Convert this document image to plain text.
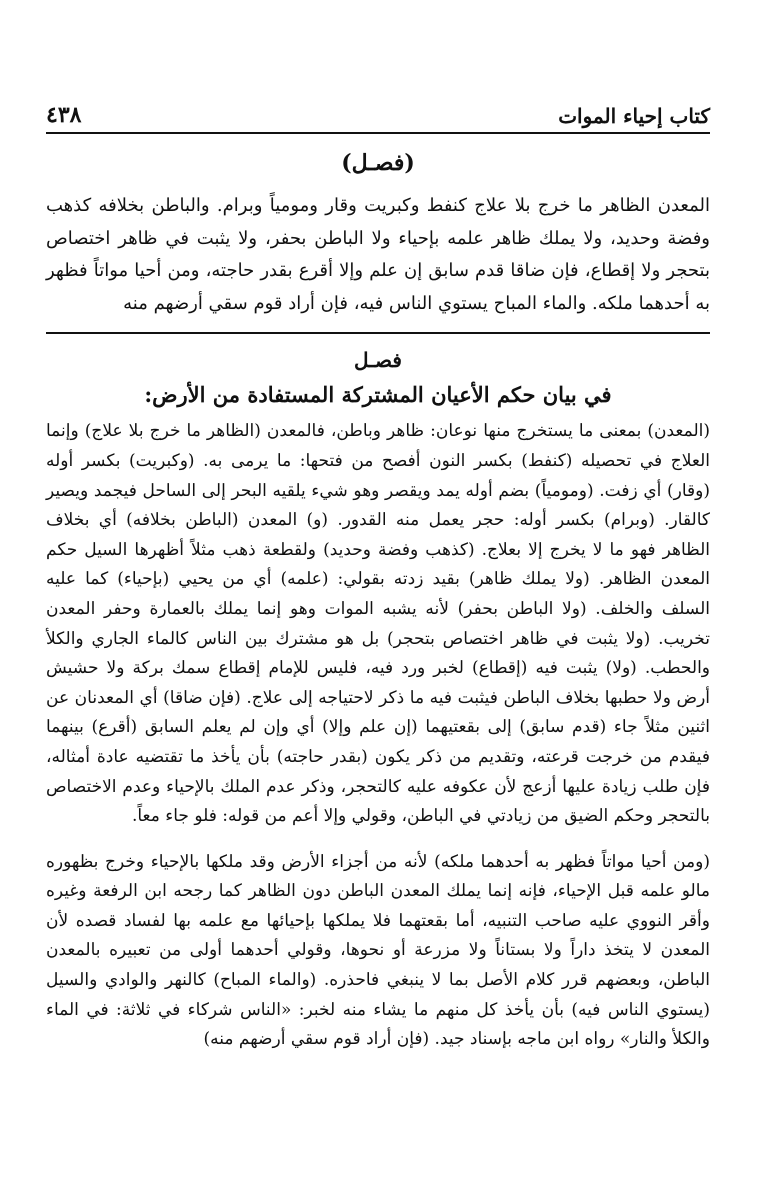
كتاب إحياء الموات
٤٣٨
(فصـل)

المعدن الظاهر ما خرج بلا علاج كنفط وكبريت وقار ومومياً وبرام. والباطن بخلافه كذهب وفضة وحديد، ولا يملك ظاهر علمه بإحياء ولا الباطن بحفر، ولا يثبت في ظاهر اختصاص بتحجر ولا إقطاع، فإن ضاقا قدم سابق إن علم وإلا أقرع بقدر حاجته، ومن أحيا مواتاً فظهر به أحدهما ملكه. والماء المباح يستوي الناس فيه، فإن أراد قوم سقي أرضهم منه

فصـل
في بيان حكم الأعيان المشتركة المستفادة من الأرض:

(المعدن) بمعنى ما يستخرج منها نوعان: ظاهر وباطن، فالمعدن (الظاهر ما خرج بلا علاج) وإنما العلاج في تحصيله (كنفط) بكسر النون أفصح من فتحها: ما يرمى به. (وكبريت) بكسر أوله (وقار) أي زفت. (ومومياً) بضم أوله يمد ويقصر وهو شيء يلقيه البحر إلى الساحل فيجمد ويصير كالقار. (وبرام) بكسر أوله: حجر يعمل منه القدور. (و) المعدن (الباطن بخلافه) أي بخلاف الظاهر فهو ما لا يخرج إلا بعلاج. (كذهب وفضة وحديد) ولقطعة ذهب مثلاً أظهرها السيل حكم المعدن الظاهر. (ولا يملك ظاهر) بقيد زدته بقولي: (علمه) أي من يحيي (بإحياء) كما عليه السلف والخلف. (ولا الباطن بحفر) لأنه يشبه الموات وهو إنما يملك بالعمارة وحفر المعدن تخريب. (ولا يثبت في ظاهر اختصاص بتحجر) بل هو مشترك بين الناس كالماء الجاري والكلأ والحطب. (ولا) يثبت فيه (إقطاع) لخبر ورد فيه، فليس للإمام إقطاع سمك بركة ولا حشيش أرض ولا حطبها بخلاف الباطن فيثبت فيه ما ذكر لاحتياجه إلى علاج. (فإن ضاقا) أي المعدنان عن اثنين مثلاً جاء (قدم سابق) إلى بقعتيهما (إن علم وإلا) أي وإن لم يعلم السابق (أقرع) بينهما فيقدم من خرجت قرعته، وتقديم من ذكر يكون (بقدر حاجته) بأن يأخذ ما تقتضيه عادة أمثاله، فإن طلب زيادة عليها أزعج لأن عكوفه عليه كالتحجر، وذكر عدم الملك بالإحياء وعدم الاختصاص بالتحجر وحكم الضيق من زيادتي في الباطن، وقولي وإلا أعم من قوله: فلو جاء معاً.

(ومن أحيا مواتاً فظهر به أحدهما ملكه) لأنه من أجزاء الأرض وقد ملكها بالإحياء وخرج بظهوره مالو علمه قبل الإحياء، فإنه إنما يملك المعدن الباطن دون الظاهر كما رجحه ابن الرفعة وغيره وأقر النووي عليه صاحب التنبيه، أما بقعتهما فلا يملكها بإحيائها مع علمه بها لفساد قصده لأن المعدن لا يتخذ داراً ولا بستاناً ولا مزرعة أو نحوها، وقولي أحدهما أولى من تعبيره بالمعدن الباطن، وبعضهم قرر كلام الأصل بما لا ينبغي فاحذره. (والماء المباح) كالنهر والوادي والسيل (يستوي الناس فيه) بأن يأخذ كل منهم ما يشاء منه لخبر: «الناس شركاء في ثلاثة: في الماء والكلأ والنار» رواه ابن ماجه بإسناد جيد. (فإن أراد قوم سقي أرضهم منه)
